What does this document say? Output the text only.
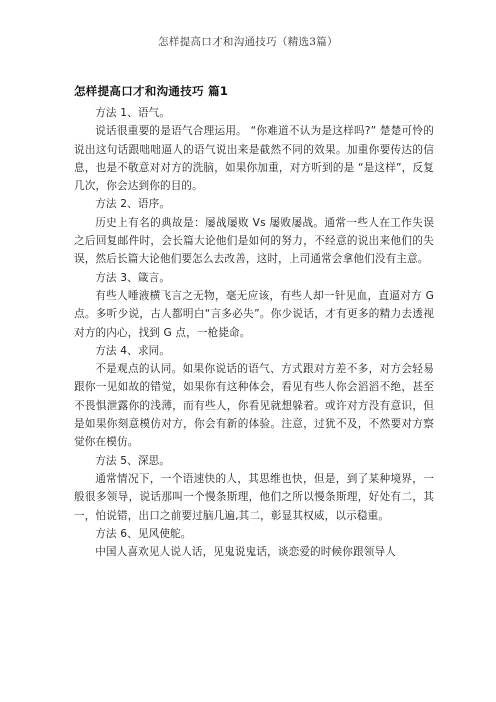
怎样提高口才和沟通技巧（精选3篇）
怎样提高口才和沟通技巧 篇1

方法 1、语气。

说话很重要的是语气合理运用。 “你难道不认为是这样吗?” 楚楚可怜的说出这句话跟咄咄逼人的语气说出来是截然不同的效果。加重你要传达的信息，也是不敬意对对方的洗脑，如果你加重，对方听到的是 “是这样”，反复几次，你会达到你的目的。

方法 2、语序。

历史上有名的典故是：屡战屡败 Vs 屡败屡战。通常一些人在工作失误之后回复邮件时，会长篇大论他们是如何的努力，不经意的说出来他们的失误，然后长篇大论他们要怎么去改善，这时，上司通常会拿他们没有主意。

方法 3、箴言。

有些人唾液横飞言之无物，毫无应该，有些人却一针见血，直逼对方 G 点。多听少说，古人都明白“言多必失”。你少说话，才有更多的精力去透视对方的内心，找到 G 点，一枪毙命。

方法 4、求同。

不是观点的认同。如果你说话的语气、方式跟对方差不多，对方会轻易跟你一见如故的错觉，如果你有这种体会，看见有些人你会滔滔不绝，甚至不畏惧泄露你的浅薄，而有些人，你看见就想躲着。或许对方没有意识，但是如果你刻意模仿对方，你会有新的体验。注意，过犹不及，不然要对方察觉你在模仿。

方法 5、深思。

通常情况下，一个语速快的人，其思维也快，但是，到了某种境界，一般很多领导，说话那叫一个慢条斯理，他们之所以慢条斯理，好处有二，其一，怕说错，出口之前要过脑几遍,其二，彰显其权威，以示稳重。

方法 6、见风使舵。

中国人喜欢见人说人话，见鬼说鬼话，谈恋爱的时候你跟领导人
